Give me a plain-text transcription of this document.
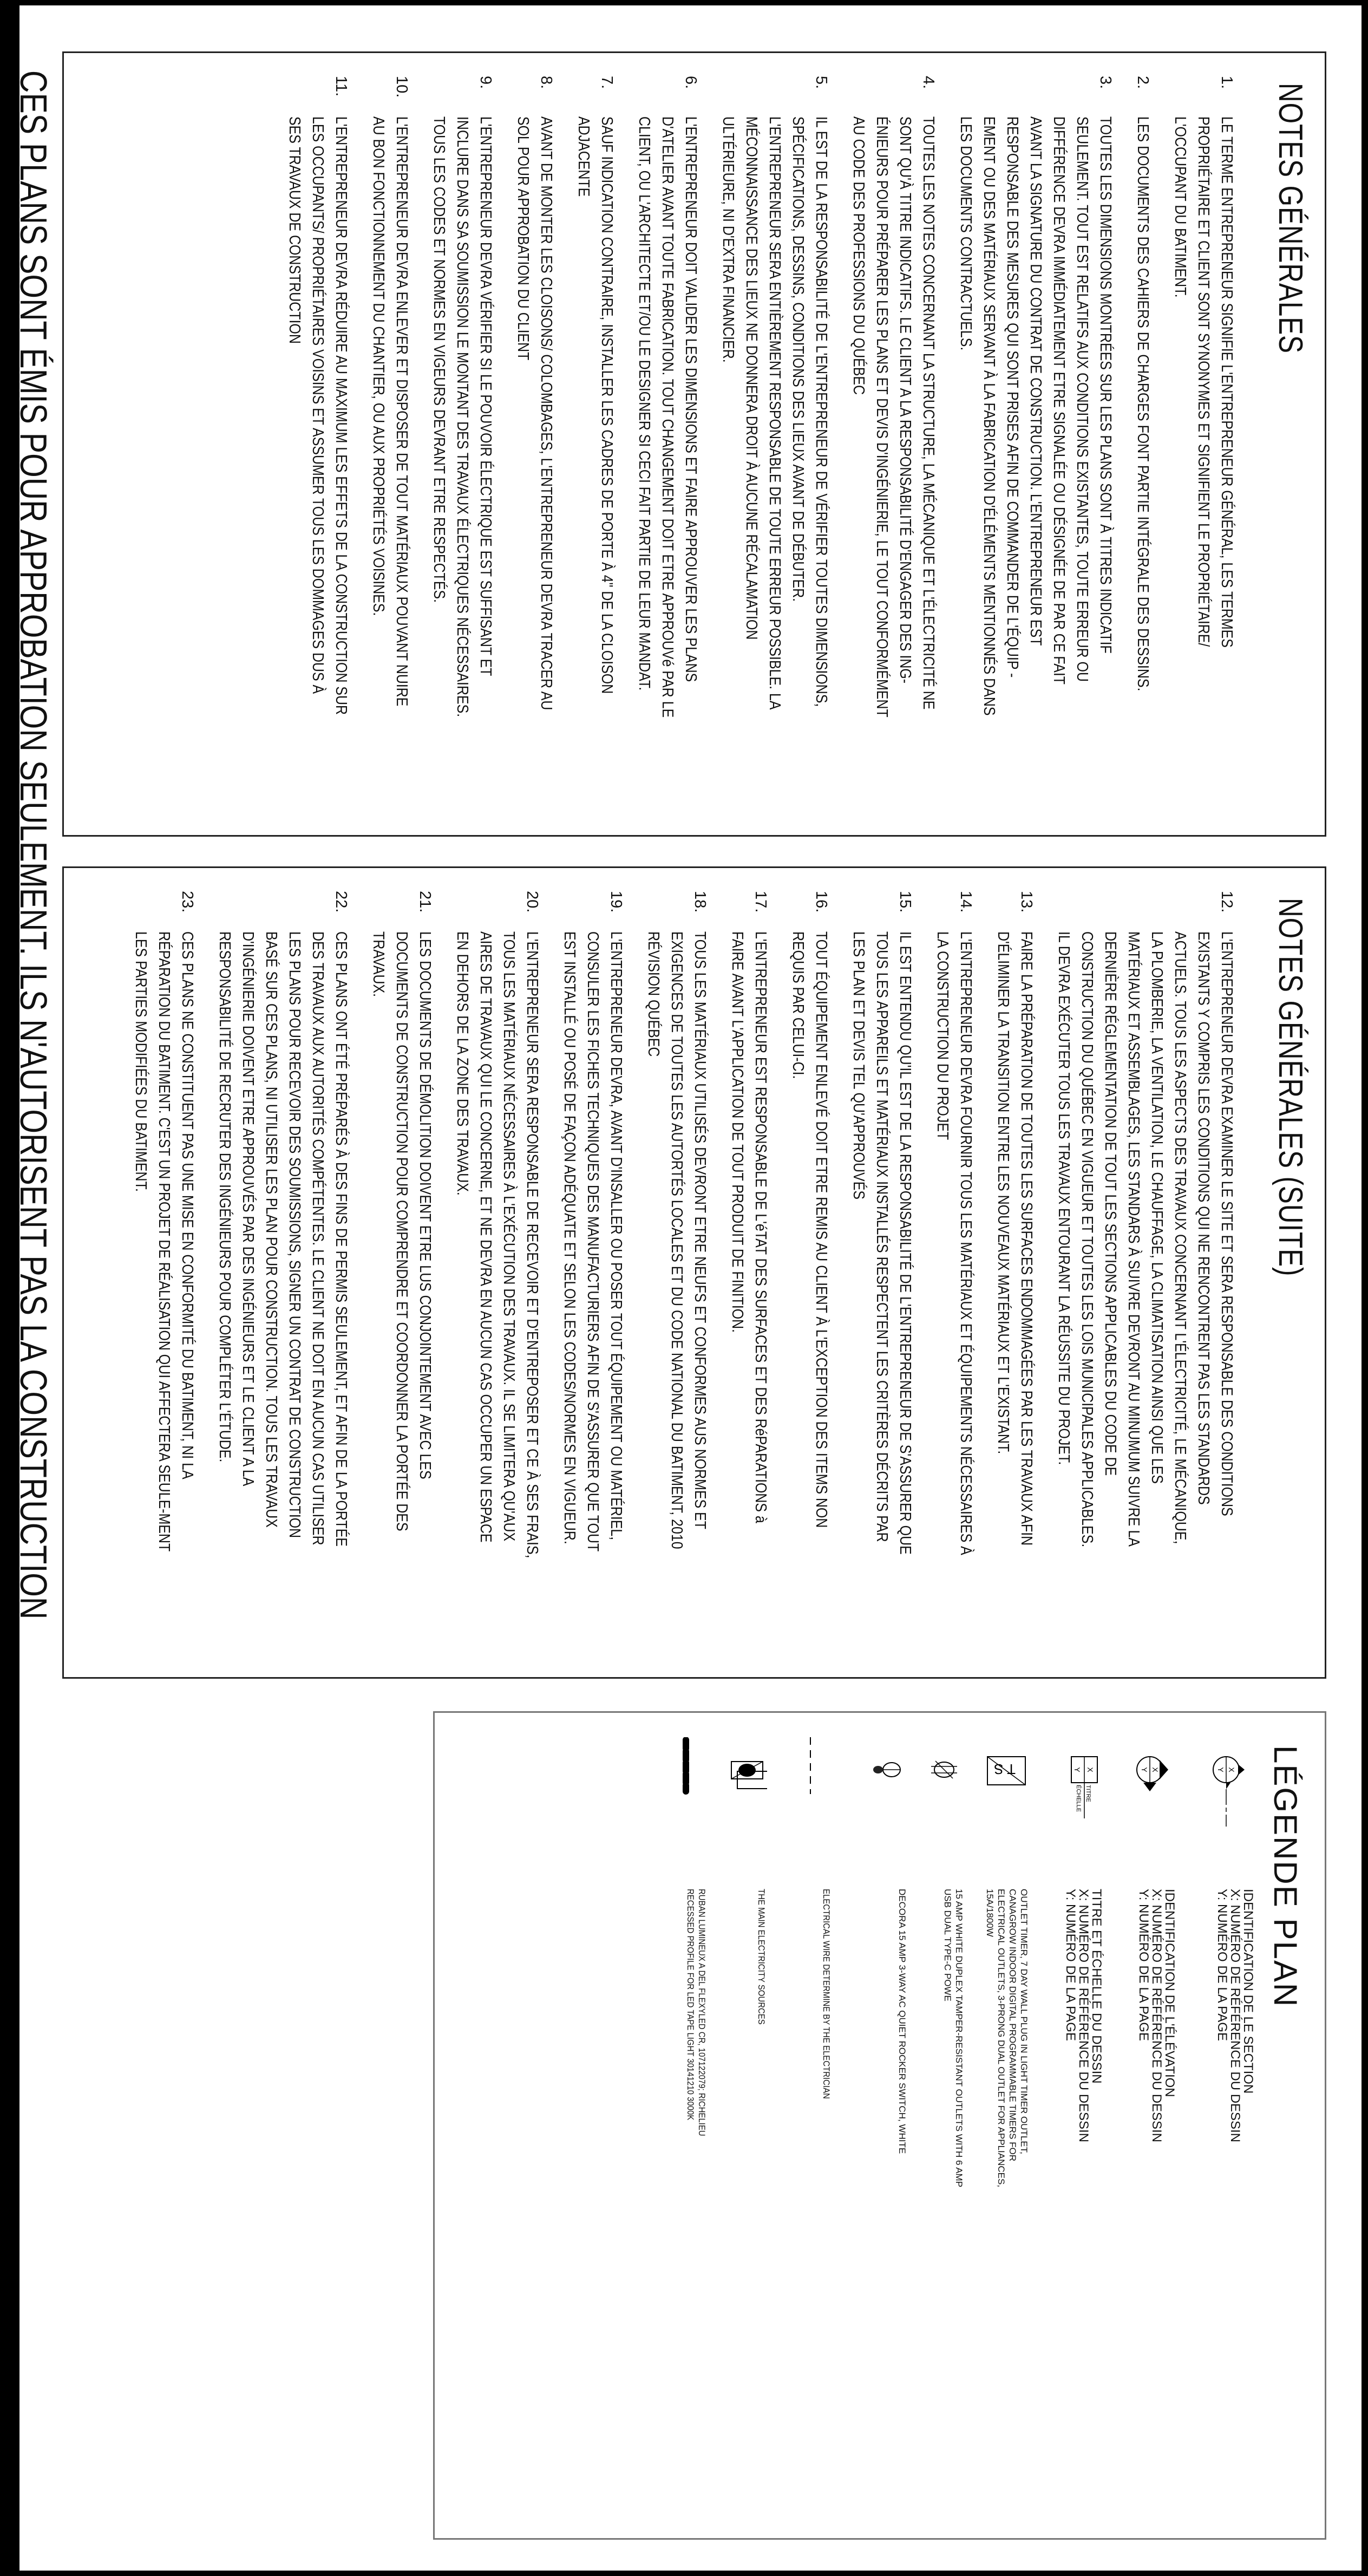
NOTES GÉNÉRALES
1.
LE TERME ENTREPRENEUR SIGNIFIE L'ENTREPRENEUR GÉNÉRAL, LES TERMES PROPRIÉTAIRE ET CLIENT SONT SYNONYMES ET SIGNIFIENT LE PROPRIÉTAIRE/ L'OCCUPANT DU BATIMENT.
2.
LES DOCUMENTS DES CAHIERS DE CHARGES FONT PARTIE INTÉGRALE DES DESSINS.
3.
TOUTES LES DIMENSIONS MONTRÉES SUR LES PLANS SONT À TITRES INDICATIF SEULEMENT. TOUT EST RELATIFS AUX CONDITIONS EXISTANTES, TOUTE ERREUR OU DIFFÉRENCE DEVRA IMMÉDIATEMENT ETRE SIGNALÉE OU DÉSIGNÉE DE PAR CE FAIT AVANT LA SIGNATURE DU CONTRAT DE CONSTRUCTION. L'ENTREPRENEUR EST RESPONSABLE DES MESURES QUI SONT PRISES AFIN DE COMMANDER DE L'ÉQUIP -EMENT OU DES MATÉRIAUX SERVANT À LA FABRICATION D'ÉLÉMENTS MENTIONNÉS DANS LES DOCUMENTS CONTRACTUELS.
4.
TOUTES LES NOTES CONCERNANT LA STRUCTURE, LA MÉCANIQUE ET L'ÉLECTRICITÉ NE SONT QU'À TITRE INDICATIFS. LE CLIENT A LA RESPONSABILITÉ D'ENGAGER DES ING-ÉNIEURS POUR PRÉPARER LES PLANS ET DEVIS D'INGÉNIERIE, LE TOUT CONFORMÉMENT AU CODE DES PROFESSIONS DU QUÉBEC
5.
IL EST DE LA RESPONSABILITÉ DE L'ENTREPRENEUR DE VÉRIFIER TOUTES DIMENSIONS, SPÉCIFICATIONS, DESSINS, CONDITIONS DES LIEUX AVANT DE DÉBUTER. L'ENTREPRENEUR SERA ENTIÈREMENT RESPONSABLE DE TOUTE ERREUR POSSIBLE. LA MÉCONNAISSANCE DES LIEUX NE DONNERA DROIT À AUCUNE RÉCALAMATION ULTÉRIEURE, NI D'EXTRA FINANCIER.
6.
L'ENTREPRENEUR DOIT VALIDER LES DIMENSIONS ET FAIRE APPROUVER LES PLANS D'ATELIER AVANT TOUTE FABRICATION. TOUT CHANGEMENT DOIT ETRE APPROUVé PAR LE CLIENT, OU L'ARCHITECTE ET/OU LE DESIGNER SI CECI FAIT PARTIE DE LEUR MANDAT.
7.
SAUF INDICATION CONTRAIRE, INSTALLER LES CADRES DE PORTE À 4" DE LA CLOISON ADJACENTE
8.
AVANT DE MONTER LES CLOISONS/ COLOMBAGES, L'ENTREPRENEUR DEVRA TRACER AU SOL POUR APPROBATION DU CLIENT
9.
L'ENTREPRENEUR DEVRA VÉRIFIER SI LE POUVOIR ÉLECTRIQUE EST SUFFISANT ET INCLURE DANS SA SOUMISSION LE MONTANT DES TRAVAUX ÉLECTRIQUES NÉCESSAIRES. TOUS LES CODES ET NORMES EN VIGEURS DEVRANT ETRE RESPECTÉS.
10.
L'ENTREPRENEUR DEVRA ENLEVER ET DISPOSER DE TOUT MATÉRIAUX POUVANT NUIRE AU BON FONCTIONNEMENT DU CHANTIER, OU AUX PROPRIÉTÉS VOISINES.
11.
L'ENTREPRENEUR DEVRA RÉDUIRE AU MAXIMUM LES EFFETS DE LA CONSTRUCTION SUR LES OCCUPANTS/ PROPRIÉTAIRES VOISINS ET ASSUMER TOUS LES DOMMAGES DUS À SES TRAVAUX DE CONSTRUCTION
NOTES GÉNÉRALES (SUITE)
12.
L'ENTREPRENEUR DEVRA EXAMINER LE SITE ET SERA RESPONSABLE DES CONDITIONS EXISTANTS Y COMPRIS LES CONDITIONS QUI NE RENCONTRENT PAS LES STANDARDS ACTUELS. TOUS LES ASPECTS DES TRAVAUX CONCERNANT L'ÉLECTRICITÉ, LE MÉCANIQUE, LA PLOMBERIE, LA VENTILATION, LE CHAUFFAGE, LA CLIMATISATION AINSI QUE LES MATÉRIAUX ET ASSEMBLAGES, LES STANDARS À SUIVRE DEVRONT AU MINUMUM SUIVRE LA DERNIÈRE RÉGLEMENTATION DE TOUT LES SECTIONS APPLICABLES DU CODE DE CONSTRUCTION DU QUÉBEC EN VIGUEUR ET TOUTES LES LOIS MUNICIPALES APPLICABLES. IL DEVRA EXÉCUTER TOUS LES TRAVAUX ENTOURANT LA RÉUSSITE DU PROJET.
13.
FAIRE LA PRÉPARATION DE TOUTES LES SURFACES ENDOMMAGÉES PAR LES TRAVAUX AFIN D'ÉLIMINER LA TRANSITION ENTRE LES NOUVEAUX MATÉRIAUX ET L'EXISTANT.
14.
L'ENTREPRENEUR DEVRA FOURNIR TOUS LES MATÉRIAUX ET ÉQUIPEMENTS NÉCESSAIRES À LA CONSTRUCTION DU PROJET
15.
IL EST ENTENDU QU'IL EST DE LA RESPONSABILITÉ DE L'ENTREPRENEUR DE S'ASSURER QUE TOUS LES APPAREILS ET MATÉRIAUX INSTALLÉS RESPECTENT LES CRITÈRES DÉCRITS PAR LES PLAN ET DEVIS TEL QU'APPROUVÉS
16.
TOUT ÉQUIPEMENT ENLEVÉ DOIT ETRE REMIS AU CLIENT À L'EXCEPTION DES ITEMS NON REQUIS PAR CELUI-CI.
17.
L'ENTREPRENEUR EST RESPONSABLE DE L'éTAT DES SURFACES ET DES RéPARATIONS à FAIRE AVANT L'APPLICATION DE TOUT PRODUIT DE FINITION.
18.
TOUS LES MATÉRIAUX UTILISÉS DEVRONT ETRE NEUFS ET CONFORMES AUS NORMES ET EXIGENCES DE TOUTES LES AUTORTÉS LOCALES ET DU CODE NATIONAL DU BATIMENT, 2010 RÉVISION QUÉBEC
19.
L'ENTREPRENEUR DEVRA, AVANT D'INSALLER OU POSER TOUT ÉQUIPEMENT OU MATÉRIEL, CONSULER LES FICHES TECHNIQUES DES MANUFACTURIERS AFIN DE S'ASSURER QUE TOUT EST INSTALLÉ OU POSÉ DE FAÇON ADÉQUATE ET SELON LES CODES/NORMES EN VIGUEUR.
20.
L'ENTREPRENEUR SERA RESPONSABLE DE RECEVOIR ET D'ENTREPOSER ET CE À SES FRAIS, TOUS LES MATÉRIAUX NÉCESSAIRES À L'EXÉCUTION DES TRAVAUX. IL SE LIMITERA QU'AUX AIRES DE TRAVAUX QUI LE CONCERNE, ET NE DEVRA EN AUCUN CAS OCCUPER UN ESPACE EN DEHORS DE LA ZONE DES TRAVAUX.
21.
LES DOCUMENTS DE DÉMOLITION DOIVENT ETRE LUS CONJOINTEMENT AVEC LES DOCUMENTS DE CONSTRUCTION POUR COMPRENDRE ET COORDONNER LA PORTÉE DES TRAVAUX.
22.
CES PLANS ONT ÉTÉ PRÉPARÉS À DES FINS DE PERMIS SEULEMENT, ET AFIN DE LA PORTÉE DES TRAVAUX AUX AUTORITÉS COMPÉTENTES. LE CLIENT NE DOIT EN AUCUN CAS UTILISER LES PLANS POUR RECEVOIR DES SOUMISSIONS, SIGNER UN CONTRAT DE CONSTRUCTION BASÉ SUR CES PLANS, NI UTILISER LES PLAN POUR CONSTRUCTION. TOUS LES TRAVAUX D'INGÉNIERIE DOIVENT ETRE APPROUVÉS PAR DES INGÉNIEURS ET LE CLIENT A LA RESPONSABILITÉ DE RECRUTER DES INGÉNIEURS POUR COMPLÉTER L'ÉTUDE.
23.
CES PLANS NE CONSTITUENT PAS UNE MISE EN CONFORMITÉ DU BATIMENT, NI LA RÉPARATION DU BATIMENT. C'EST UN PROJET DE RÉALISATION QUI AFFECTERA SEULE-MENT LES PARTIES MODIFIÉES DU BATIMENT.
LÉGENDE PLAN
X
Y
IDENTIFICATION DE LE SECTION
X: NUMÉRO DE RÉFÉRENCE DU DESSIN
Y: NUMÉRO DE LA PAGE
X
Y
IDENTIFICATION DE L'ÉLÉVATION
X: NUMÉRO DE RÉFÉRENCE DU DESSIN
Y: NUMÉRO DE LA PAGE
X
Y
TITRE
ÉCHELLE
TITRE ET ÉCHELLE DU DESSIN
X: NUMÉRO DE RÉFÉRENCE DU DESSIN
Y: NUMÉRO DE LA PAGE
T S
OUTLET TIMER, 7 DAY WALL PLUG IN LIGHT TIMER OUTLET, CANAGROW INDOOR DIGITAL PROGRAMMABLE TIMERS FOR ELECTRICAL OUTLETS, 3-PRONG DUAL OUTLET FOR APPLIANCES, 15A/1800W
15 AMP WHITE DUPLEX TAMPER-RESISTANT OUTLETS WITH 6 AMP USB DUAL TYPE-C POWE
DECORA 15 AMP 3-WAY AC QUIET ROCKER SWITCH, WHITE
ELECTRICAL WIRE DETERMINE BY THE ELECTRICIAN
THE MAIN ELECTRICITY SOURCES
RUBAN LUMINEUX A DEL FLEXYLED CR, 10712207​9; RICHELIEU RECESSED PROFILE FOR LED TAPE LIGHT 30141210 3000K
CES PLANS SONT ÉMIS POUR APPROBATION SEULEMENT. ILS N'AUTORISENT PAS LA CONSTRUCTION
